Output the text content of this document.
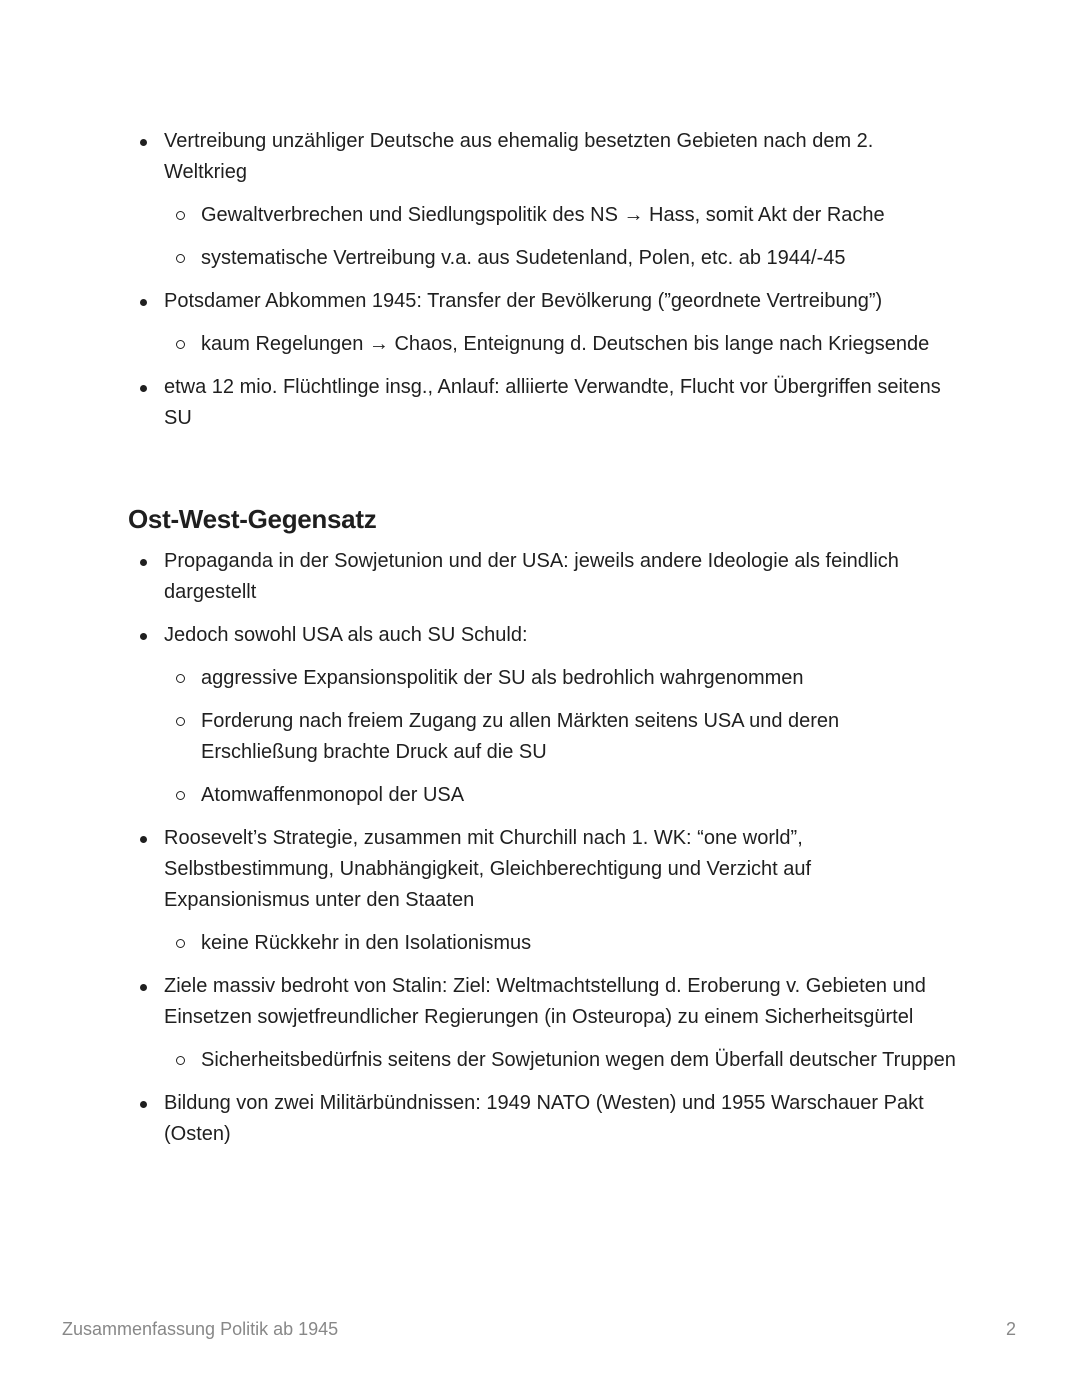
Vertreibung unzähliger Deutsche aus ehemalig besetzten Gebieten nach dem 2. Weltkrieg
Gewaltverbrechen und Siedlungspolitik des NS → Hass, somit Akt der Rache
systematische Vertreibung v.a. aus Sudetenland, Polen, etc. ab 1944/-45
Potsdamer Abkommen 1945: Transfer der Bevölkerung (”geordnete Vertreibung”)
kaum Regelungen → Chaos, Enteignung d. Deutschen bis lange nach Kriegsende
etwa 12 mio. Flüchtlinge insg., Anlauf: alliierte Verwandte, Flucht vor Übergriffen seitens SU
Ost-West-Gegensatz
Propaganda in der Sowjetunion und der USA: jeweils andere Ideologie als feindlich dargestellt
Jedoch sowohl USA als auch SU Schuld:
aggressive Expansionspolitik der SU als bedrohlich wahrgenommen
Forderung nach freiem Zugang zu allen Märkten seitens USA und deren Erschließung brachte Druck auf die SU
Atomwaffenmonopol der USA
Roosevelt’s Strategie, zusammen mit Churchill nach 1. WK: “one world”, Selbstbestimmung, Unabhängigkeit, Gleichberechtigung und Verzicht auf Expansionismus unter den Staaten
keine Rückkehr in den Isolationismus
Ziele massiv bedroht von Stalin: Ziel: Weltmachtstellung d. Eroberung v. Gebieten und Einsetzen sowjetfreundlicher Regierungen (in Osteuropa) zu einem Sicherheitsgürtel
Sicherheitsbedürfnis seitens der Sowjetunion wegen dem Überfall deutscher Truppen
Bildung von zwei Militärbündnissen: 1949 NATO (Westen) und 1955 Warschauer Pakt (Osten)
Zusammenfassung Politik ab 1945	2
